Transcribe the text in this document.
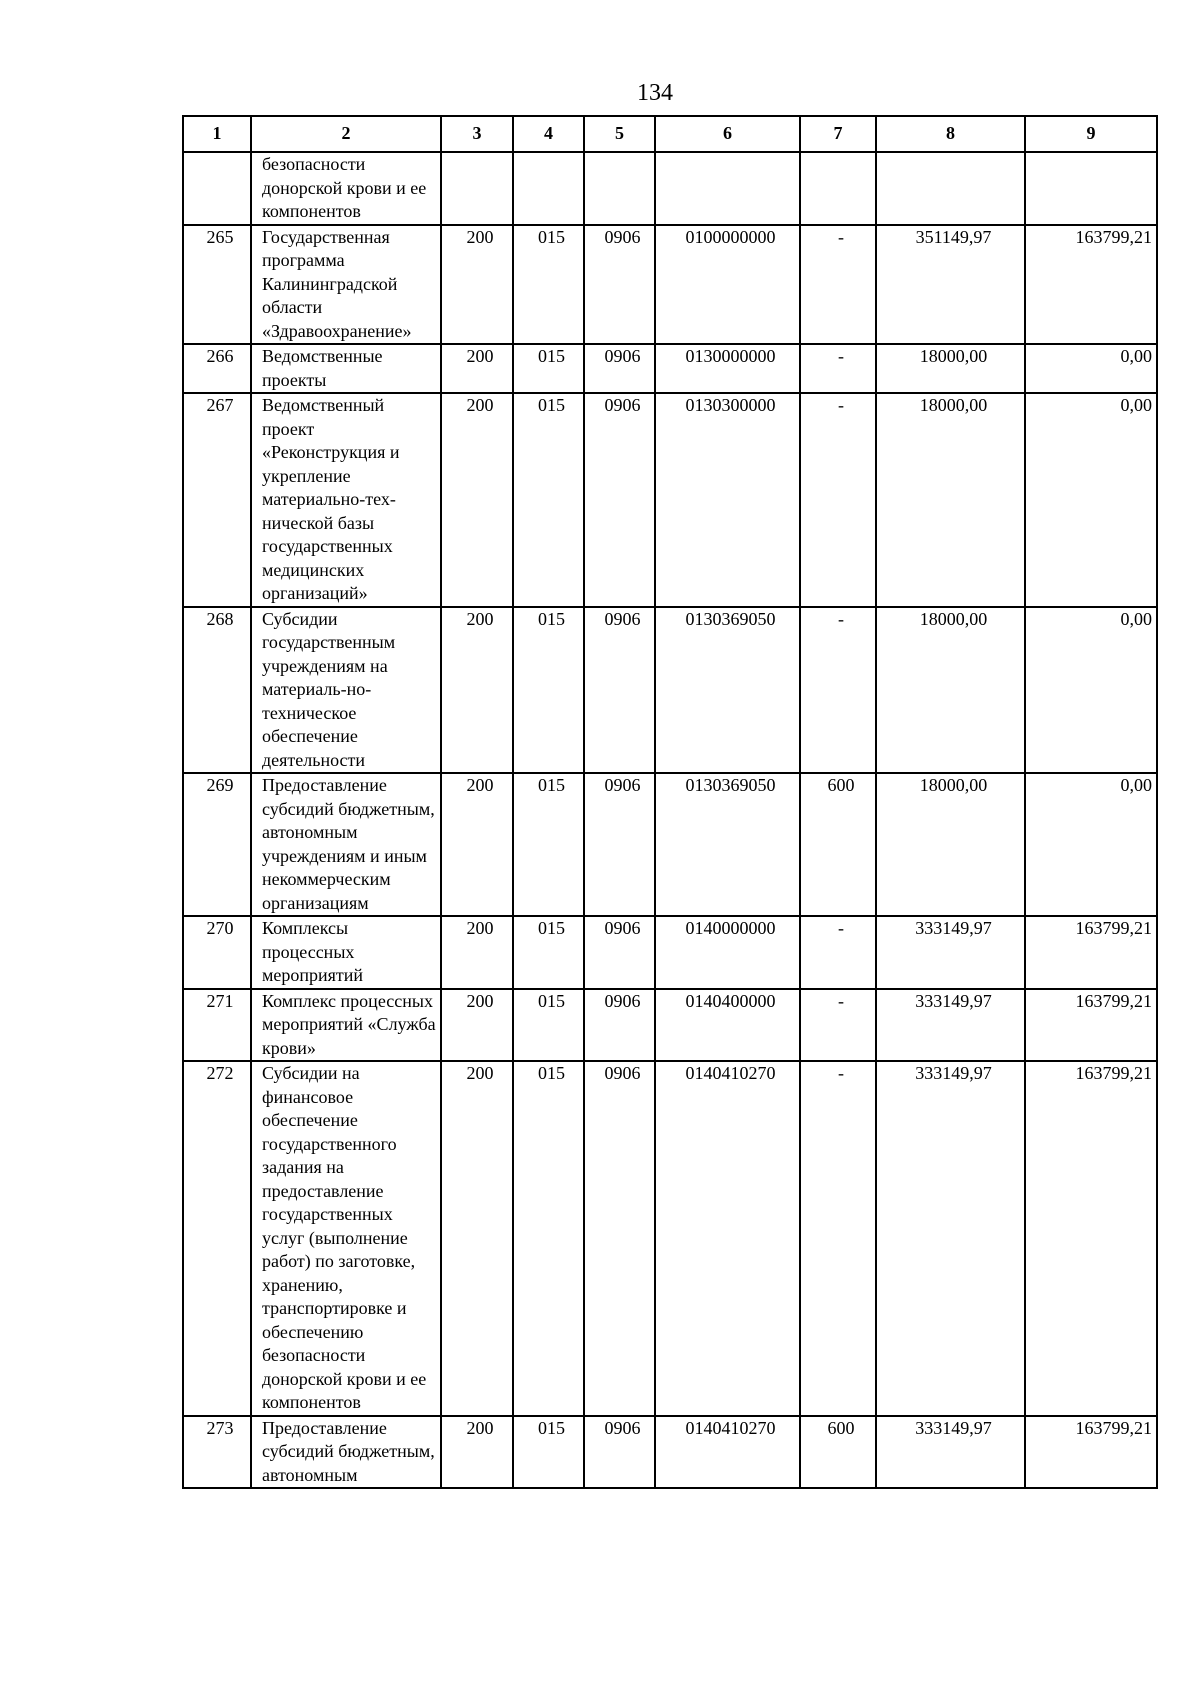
134
1	2	3	4	5	6	7	8	9
	безопасности донорской крови и ее компонентов							
265	Государственная программа Калининградской области «Здравоохранение»	200	015	0906	0100000000	-	351149,97	163799,21
266	Ведомственные проекты	200	015	0906	0130000000	-	18000,00	0,00
267	Ведомственный проект «Реконструкция и укрепление материально-тех-нической базы государственных медицинских организаций»	200	015	0906	0130300000	-	18000,00	0,00
268	Субсидии государственным учреждениям на материаль-но-техническое обеспечение деятельности	200	015	0906	0130369050	-	18000,00	0,00
269	Предоставление субсидий бюджетным, автономным учреждениям и иным некоммерческим организациям	200	015	0906	0130369050	600	18000,00	0,00
270	Комплексы процессных мероприятий	200	015	0906	0140000000	-	333149,97	163799,21
271	Комплекс процессных мероприятий «Служба крови»	200	015	0906	0140400000	-	333149,97	163799,21
272	Субсидии на финансовое обеспечение государственного задания на предоставление государственных услуг (выполнение работ) по заготовке, хранению, транспортировке и обеспечению безопасности донорской крови и ее компонентов	200	015	0906	0140410270	-	333149,97	163799,21
273	Предоставление субсидий бюджетным, автономным	200	015	0906	0140410270	600	333149,97	163799,21
